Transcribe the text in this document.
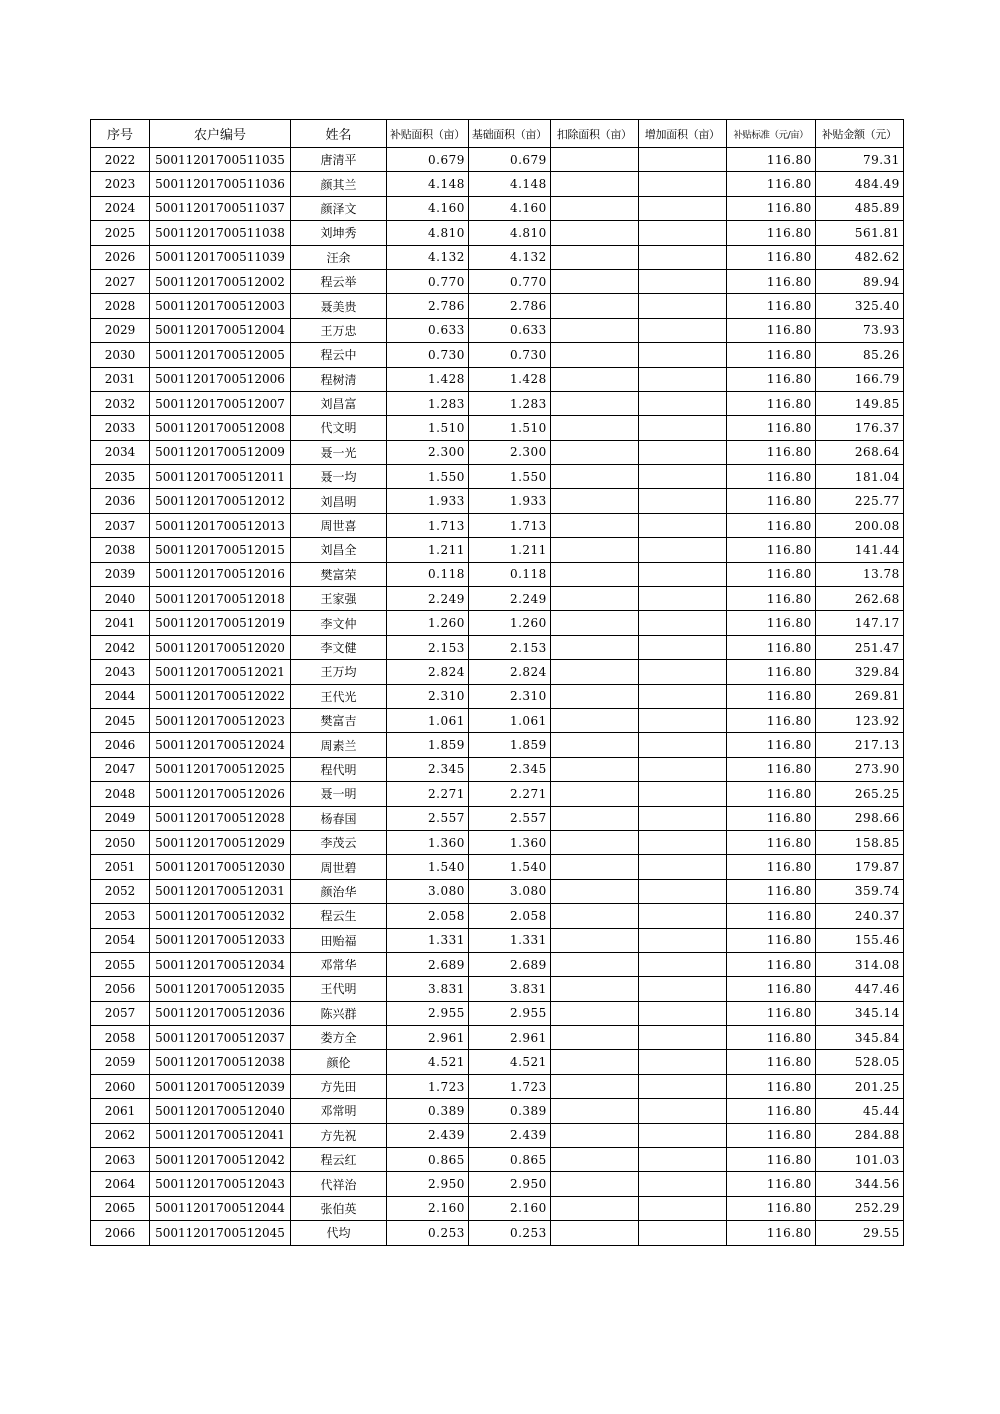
序号	农户编号	姓名	补贴面积（亩）	基础面积（亩）	扣除面积（亩）	增加面积（亩）	补贴标准（元/亩）	补贴金额（元）
2022	50011201700511035	唐清平	0.679	0.679			116.80	79.31
2023	50011201700511036	颜其兰	4.148	4.148			116.80	484.49
2024	50011201700511037	颜泽文	4.160	4.160			116.80	485.89
2025	50011201700511038	刘坤秀	4.810	4.810			116.80	561.81
2026	50011201700511039	汪余	4.132	4.132			116.80	482.62
2027	50011201700512002	程云举	0.770	0.770			116.80	89.94
2028	50011201700512003	聂美贵	2.786	2.786			116.80	325.40
2029	50011201700512004	王万忠	0.633	0.633			116.80	73.93
2030	50011201700512005	程云中	0.730	0.730			116.80	85.26
2031	50011201700512006	程树清	1.428	1.428			116.80	166.79
2032	50011201700512007	刘昌富	1.283	1.283			116.80	149.85
2033	50011201700512008	代文明	1.510	1.510			116.80	176.37
2034	50011201700512009	聂一光	2.300	2.300			116.80	268.64
2035	50011201700512011	聂一均	1.550	1.550			116.80	181.04
2036	50011201700512012	刘昌明	1.933	1.933			116.80	225.77
2037	50011201700512013	周世喜	1.713	1.713			116.80	200.08
2038	50011201700512015	刘昌全	1.211	1.211			116.80	141.44
2039	50011201700512016	樊富荣	0.118	0.118			116.80	13.78
2040	50011201700512018	王家强	2.249	2.249			116.80	262.68
2041	50011201700512019	李文仲	1.260	1.260			116.80	147.17
2042	50011201700512020	李文健	2.153	2.153			116.80	251.47
2043	50011201700512021	王万均	2.824	2.824			116.80	329.84
2044	50011201700512022	王代光	2.310	2.310			116.80	269.81
2045	50011201700512023	樊富吉	1.061	1.061			116.80	123.92
2046	50011201700512024	周素兰	1.859	1.859			116.80	217.13
2047	50011201700512025	程代明	2.345	2.345			116.80	273.90
2048	50011201700512026	聂一明	2.271	2.271			116.80	265.25
2049	50011201700512028	杨春国	2.557	2.557			116.80	298.66
2050	50011201700512029	李茂云	1.360	1.360			116.80	158.85
2051	50011201700512030	周世碧	1.540	1.540			116.80	179.87
2052	50011201700512031	颜治华	3.080	3.080			116.80	359.74
2053	50011201700512032	程云生	2.058	2.058			116.80	240.37
2054	50011201700512033	田贻福	1.331	1.331			116.80	155.46
2055	50011201700512034	邓常华	2.689	2.689			116.80	314.08
2056	50011201700512035	王代明	3.831	3.831			116.80	447.46
2057	50011201700512036	陈兴群	2.955	2.955			116.80	345.14
2058	50011201700512037	娄方全	2.961	2.961			116.80	345.84
2059	50011201700512038	颜伦	4.521	4.521			116.80	528.05
2060	50011201700512039	方先田	1.723	1.723			116.80	201.25
2061	50011201700512040	邓常明	0.389	0.389			116.80	45.44
2062	50011201700512041	方先祝	2.439	2.439			116.80	284.88
2063	50011201700512042	程云红	0.865	0.865			116.80	101.03
2064	50011201700512043	代祥治	2.950	2.950			116.80	344.56
2065	50011201700512044	张伯英	2.160	2.160			116.80	252.29
2066	50011201700512045	代均	0.253	0.253			116.80	29.55
